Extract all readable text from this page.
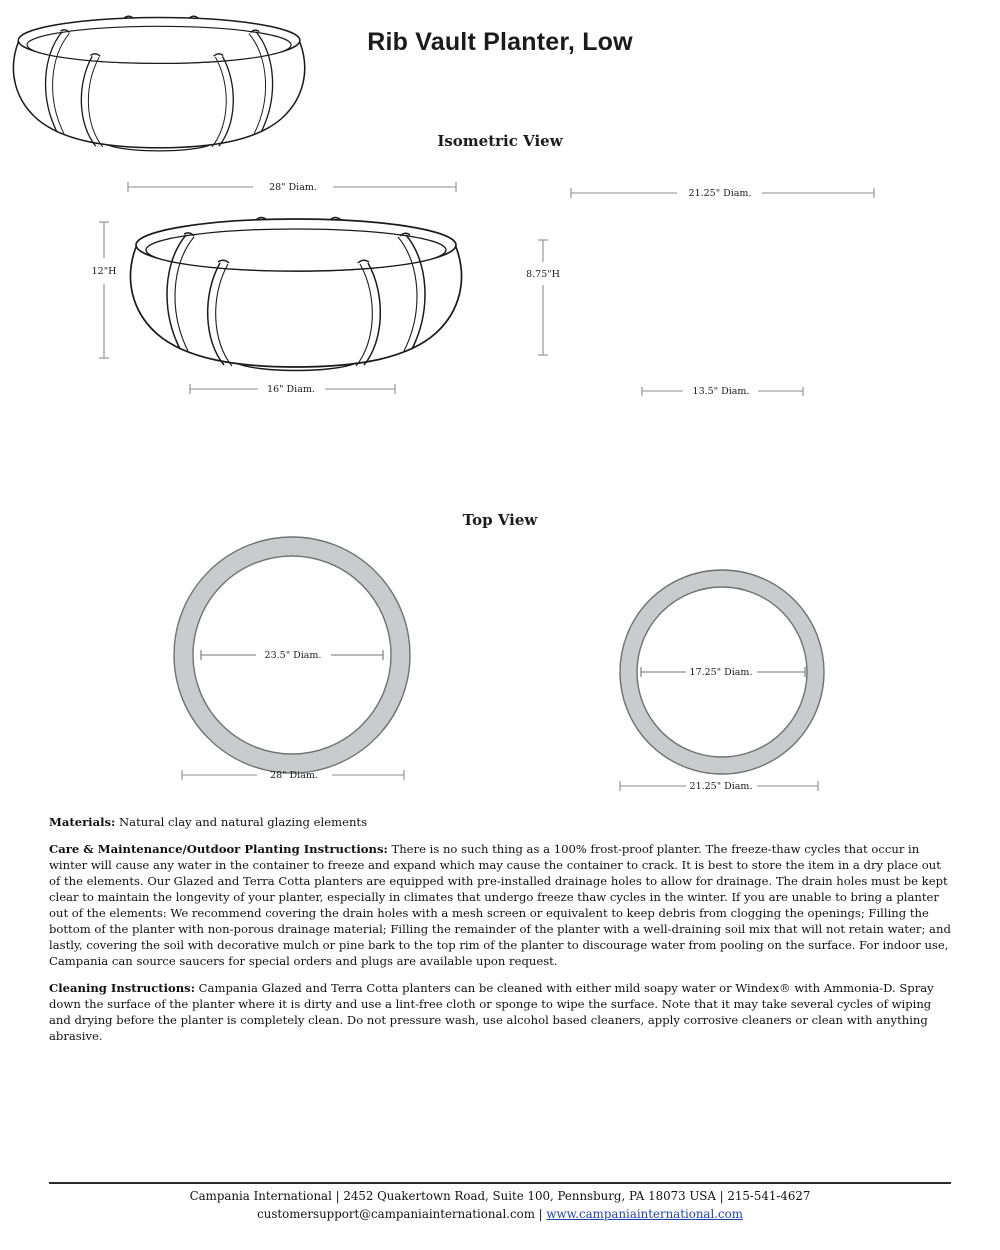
Rib Vault Planter, Low
Isometric View
Top View
28" Diam.
12"H
16" Diam.
21.25" Diam.
8.75"H
13.5" Diam.
23.5" Diam.
28" Diam.
17.25" Diam.
21.25" Diam.

Materials: Natural clay and natural glazing elements

Care & Maintenance/Outdoor Planting Instructions: There is no such thing as a 100% frost-proof planter. The freeze-thaw cycles that occur in winter will cause any water in the container to freeze and expand which may cause the container to crack. It is best to store the item in a dry place out of the elements. Our Glazed and Terra Cotta planters are equipped with pre-installed drainage holes to allow for drainage. The drain holes must be kept clear to maintain the longevity of your planter, especially in climates that undergo freeze thaw cycles in the winter. If you are unable to bring a planter out of the elements: We recommend covering the drain holes with a mesh screen or equivalent to keep debris from clogging the openings; Filling the bottom of the planter with non-porous drainage material; Filling the remainder of the planter with a well-draining soil mix that will not retain water; and lastly, covering the soil with decorative mulch or pine bark to the top rim of the planter to discourage water from pooling on the surface. For indoor use, Campania can source saucers for special orders and plugs are available upon request.

Cleaning Instructions: Campania Glazed and Terra Cotta planters can be cleaned with either mild soapy water or Windex® with Ammonia-D. Spray down the surface of the planter where it is dirty and use a lint-free cloth or sponge to wipe the surface. Note that it may take several cycles of wiping and drying before the planter is completely clean. Do not pressure wash, use alcohol based cleaners, apply corrosive cleaners or clean with anything abrasive.

Campania International | 2452 Quakertown Road, Suite 100, Pennsburg, PA 18073 USA | 215-541-4627
customersupport@campaniainternational.com | www.campaniainternational.com
